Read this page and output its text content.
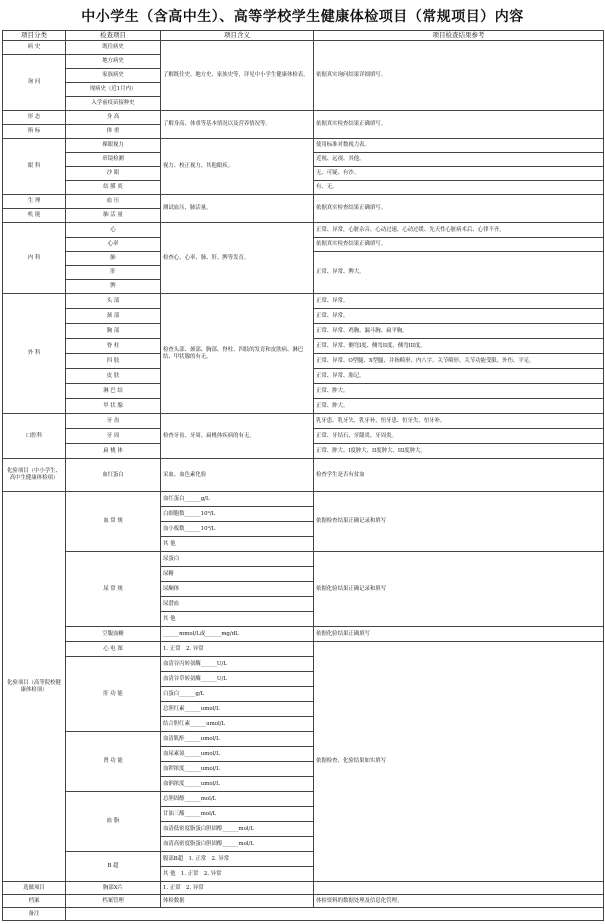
中小学生（含高中生）、高等学校学生健康体检项目（常规项目）内容
项目分类	检查项目	项目含义	项目检查结果参考
病 史	既往病史	了解既往史、地方史、家族史等，详见中小学生健康体检表。	依据真实询问结果详细填写。
询 问	地方病史		
	家族病史		
	现病史（近1月内）		
	入学前疫苗接种史		
形 态	身 高	了解身高、体重等基本情况以及营养情况等。	依据真实检查结果正确填写。
指 标	体 重		
眼 科	裸眼视力	视力、校正视力、其他眼疾。	使用标准对数视力表。
	串镜检测		近视、远视、其他。
	沙 眼		无、可疑、有沙。
	结 膜 炎		有、无。
生 理	血 压	测试血压、肺活量。	依据真实检查结果正确填写。
机 能	肺 活 量		
内 科	心	检查心、心率、肺、肝、脾等发育。	正常、异常，心脏杂音、心动过速、心动过缓、先天性心脏病术后、心律不齐。
	心率		依据真实检查结果正确填写。
	肺		正常、异常、脾大。
	肝		
	脾		
外 科	头 部	检查头部、颈部、胸部、脊柱、四肢的发育和皮肤病、淋巴结、甲状腺的有无。	正常、异常。
	颈 部		正常、异常。
	胸 部		正常、异常、鸡胸、漏斗胸、扁平胸。
	脊 柱		正常、异常、侧弯I度、侧弯II度、侧弯III度。
	四 肢		正常、异常、O型腿、X型腿、并指畸形、内八字、关节畸形、关节功能受限、外伤、平足。
	皮 肤		正常、异常、胎记。
	淋 巴 结		正常、肿大。
	甲 状 腺		正常、肿大。
口腔科	牙 齿	检查牙齿、牙周、扁桃体疾病的有无。	乳牙患、乳牙失、乳牙补、恒牙患、恒牙失、恒牙补。
	牙 周		正常、牙结石、牙龈炎、牙周炎。
	扁 桃 体		正常、肿大、I度肿大、II度肿大、III度肿大。
化验项目（中小学生、高中生健康体检项）	血红蛋白	采血、血色素化验	检查学生是否有贫血
化验项目（高等院校健康体检项）	血 常 规	血红蛋白______g/L	依据检查结果正确记录和填写
		白细胞数______10⁹/L	
		血小板数______10⁹/L	
		其 他	
	尿 常 规	尿蛋白	依据化验结果正确记录和填写
		尿糖	
		尿酮体	
		尿潜血	
		其 他	
	空腹血糖	______mmol/L或______mg/dL	依据化验结果正确填写
	心 电 图	1. 正常　2. 异常	依据检查、化验结果如实填写
	肝 功 能	血清谷丙转氨酶______U/L	
		血清谷草转氨酶______U/L	
		白蛋白______g/L	
		总胆红素______umol/L	
		结合胆红素______umol/L	
	肾 功 能	血清肌酐______umol/L	
		血尿素氮______umol/L	
		血钾浓度______umol/L	
		血钠浓度______umol/L	
	血 脂	总胆固醇______mol/L	
		甘油三酯______mol/L	
		血清低密度脂蛋白胆固醇______mol/L	
		血清高密度脂蛋白胆固醇______mol/L	
	B 超	腹部B超　1. 正常　2. 异常	
		其 他　1. 正常　2. 异常	
选做项目	胸部X片	1. 正常　2. 异常	
档案	档案管理	体检数据	体检资料的数据处理及信息化管理。
备注			
